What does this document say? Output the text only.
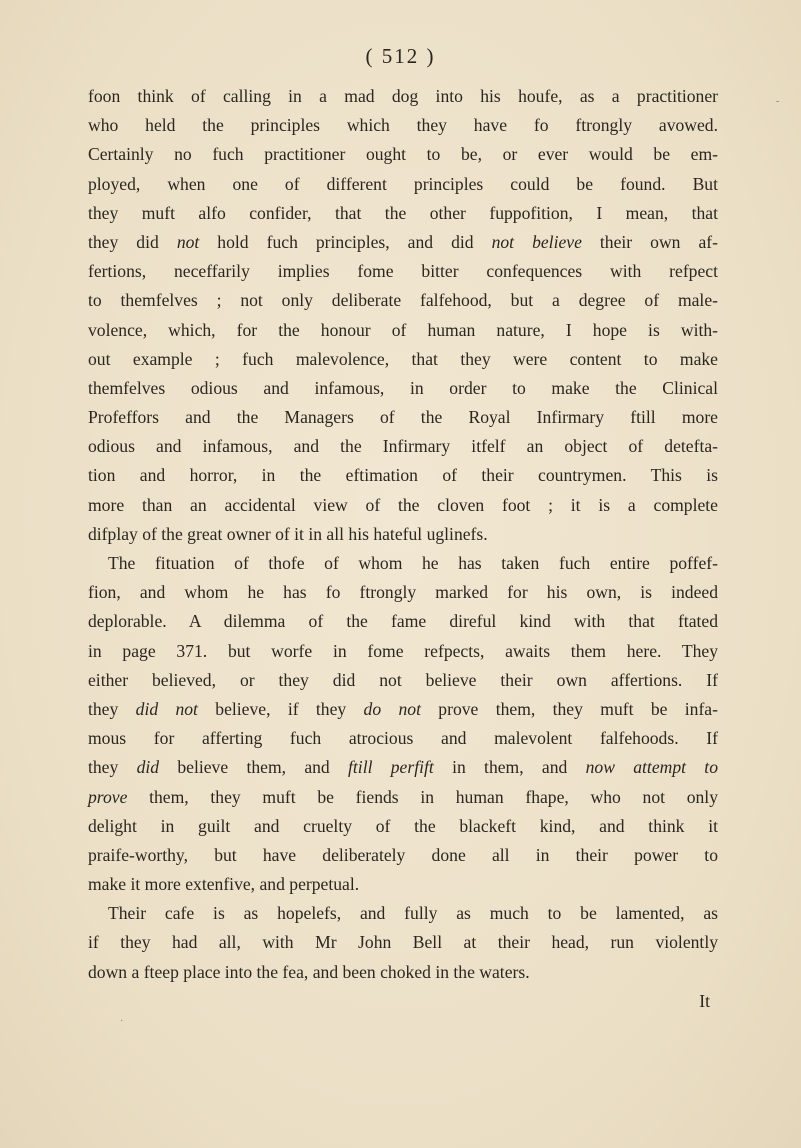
( 512 )
foon think of calling in a mad dog into his houfe, as a practitioner
who held the principles which they have fo ftrongly avowed.
Certainly no fuch practitioner ought to be, or ever would be em-
ployed, when one of different principles could be found. But
they muft alfo confider, that the other fuppofition, I mean, that
they did not hold fuch principles, and did not believe their own af-
fertions, neceffarily implies fome bitter confequences with refpect
to themfelves ; not only deliberate falfehood, but a degree of male-
volence, which, for the honour of human nature, I hope is with-
out example ; fuch malevolence, that they were content to make
themfelves odious and infamous, in order to make the Clinical
Profeffors and the Managers of the Royal Infirmary ftill more
odious and infamous, and the Infirmary itfelf an object of detefta-
tion and horror, in the eftimation of their countrymen. This is
more than an accidental view of the cloven foot ; it is a complete
difplay of the great owner of it in all his hateful uglinefs.
The fituation of thofe of whom he has taken fuch entire poffef-
fion, and whom he has fo ftrongly marked for his own, is indeed
deplorable. A dilemma of the fame direful kind with that ftated
in page 371. but worfe in fome refpects, awaits them here. They
either believed, or they did not believe their own affertions. If
they did not believe, if they do not prove them, they muft be infa-
mous for afferting fuch atrocious and malevolent falfehoods. If
they did believe them, and ftill perfift in them, and now attempt to
prove them, they muft be fiends in human fhape, who not only
delight in guilt and cruelty of the blackeft kind, and think it
praife-worthy, but have deliberately done all in their power to
make it more extenfive, and perpetual.
Their cafe is as hopelefs, and fully as much to be lamented, as
if they had all, with Mr John Bell at their head, run violently
down a fteep place into the fea, and been choked in the waters.
It
-
·
